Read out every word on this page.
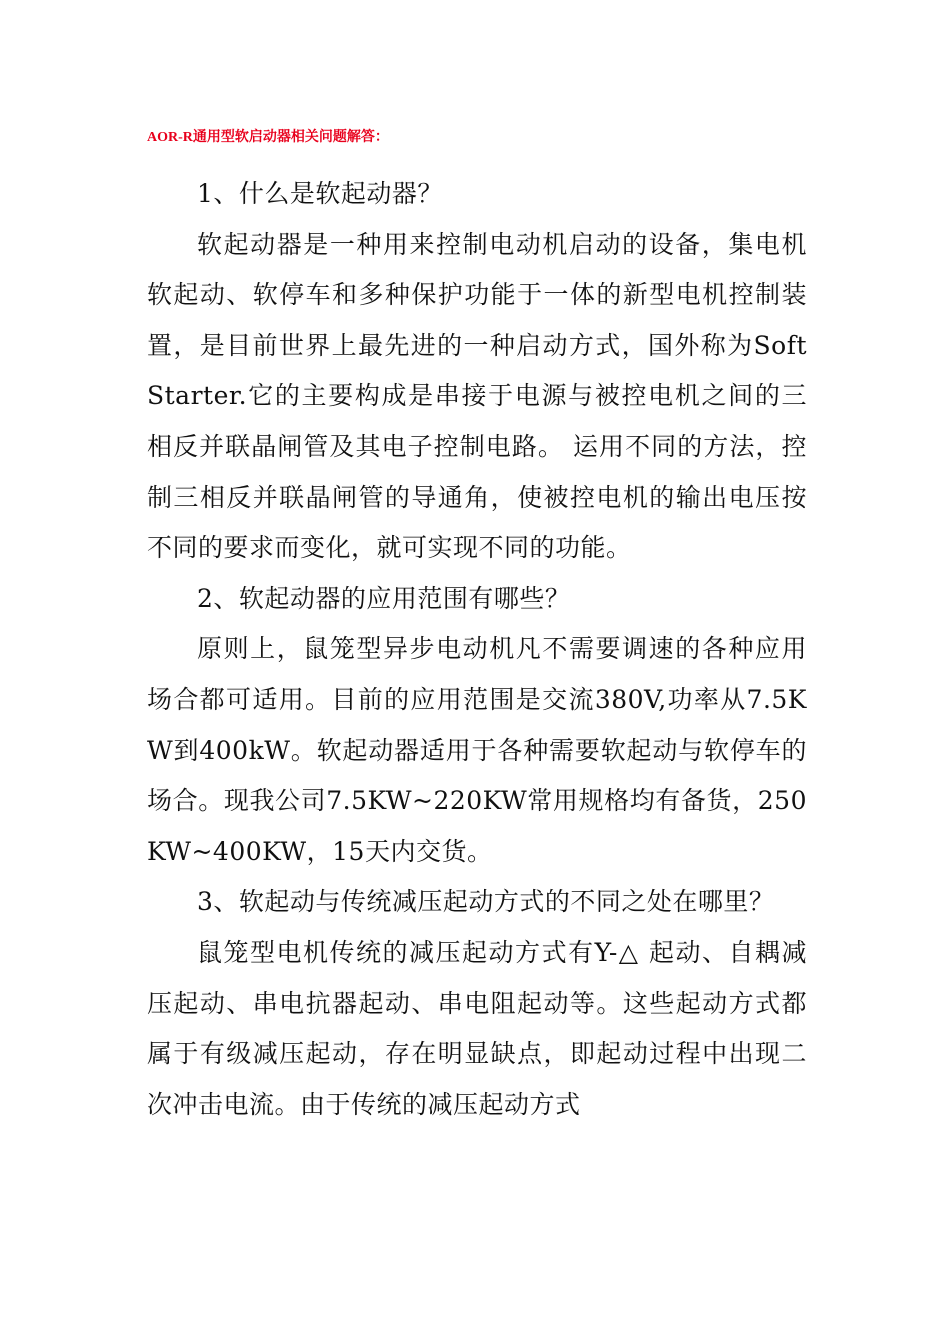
AOR-R通用型软启动器相关问题解答：

1、什么是软起动器？

软起动器是一种用来控制电动机启动的设备，集电机软起动、软停车和多种保护功能于一体的新型电机控制装置，是目前世界上最先进的一种启动方式，国外称为Soft Starter.它的主要构成是串接于电源与被控电机之间的三相反并联晶闸管及其电子控制电路。 运用不同的方法，控制三相反并联晶闸管的导通角，使被控电机的输出电压按不同的要求而变化，就可实现不同的功能。

2、软起动器的应用范围有哪些？

原则上，鼠笼型异步电动机凡不需要调速的各种应用场合都可适用。目前的应用范围是交流380V,功率从7.5KW到400kW。软起动器适用于各种需要软起动与软停车的场合。现我公司7.5KW~220KW常用规格均有备货，250KW~400KW，15天内交货。

3、软起动与传统减压起动方式的不同之处在哪里？

鼠笼型电机传统的减压起动方式有Y-△ 起动、自耦减压起动、串电抗器起动、串电阻起动等。这些起动方式都属于有级减压起动，存在明显缺点，即起动过程中出现二次冲击电流。由于传统的减压起动方式
